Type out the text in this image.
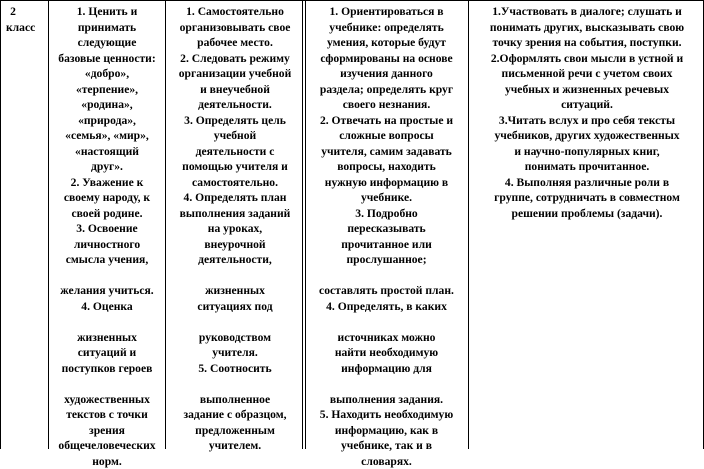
2

класс

1. Ценить и

принимать

следующие

базовые ценности:

«добро»,

«терпение»,

«родина»,

«природа»,

«семья», «мир»,

«настоящий

друг».

2. Уважение к

своему народу, к

своей родине.

3. Освоение

личностного

смысла учения,

желания учиться.

4. Оценка

жизненных

ситуаций и

поступков героев

художественных

текстов с точки

зрения

общечеловеческих

норм.

1. Самостоятельно

организовывать свое

рабочее место.

2. Следовать режиму

организации учебной

и внеучебной

деятельности.

3. Определять цель

учебной

деятельности с

помощью учителя и

самостоятельно.

4. Определять план

выполнения заданий

на уроках,

внеурочной

деятельности,

жизненных

ситуациях под

руководством

учителя.

5. Соотносить

выполненное

задание с образцом,

предложенным

учителем.

1. Ориентироваться в

учебнике: определять

умения, которые будут

сформированы на основе

изучения данного

раздела; определять круг

своего незнания.

2. Отвечать на простые и

сложные вопросы

учителя, самим задавать

вопросы, находить

нужную информацию в

учебнике.

3. Подробно

пересказывать

прочитанное или

прослушанное;

составлять простой план.

4. Определять, в каких

источниках можно

найти необходимую

информацию для

выполнения задания.

5. Находить необходимую

информацию, как в

учебнике, так и в

словарях.

1.Участвовать в диалоге; слушать и

понимать других, высказывать свою

точку зрения на события, поступки.

2.Оформлять свои мысли в устной и

письменной речи с учетом своих

учебных и жизненных речевых

ситуаций.

3.Читать вслух и про себя тексты

учебников, других художественных

и научно-популярных книг,

понимать прочитанное.

4. Выполняя различные роли в

группе, сотрудничать в совместном

решении проблемы (задачи).
